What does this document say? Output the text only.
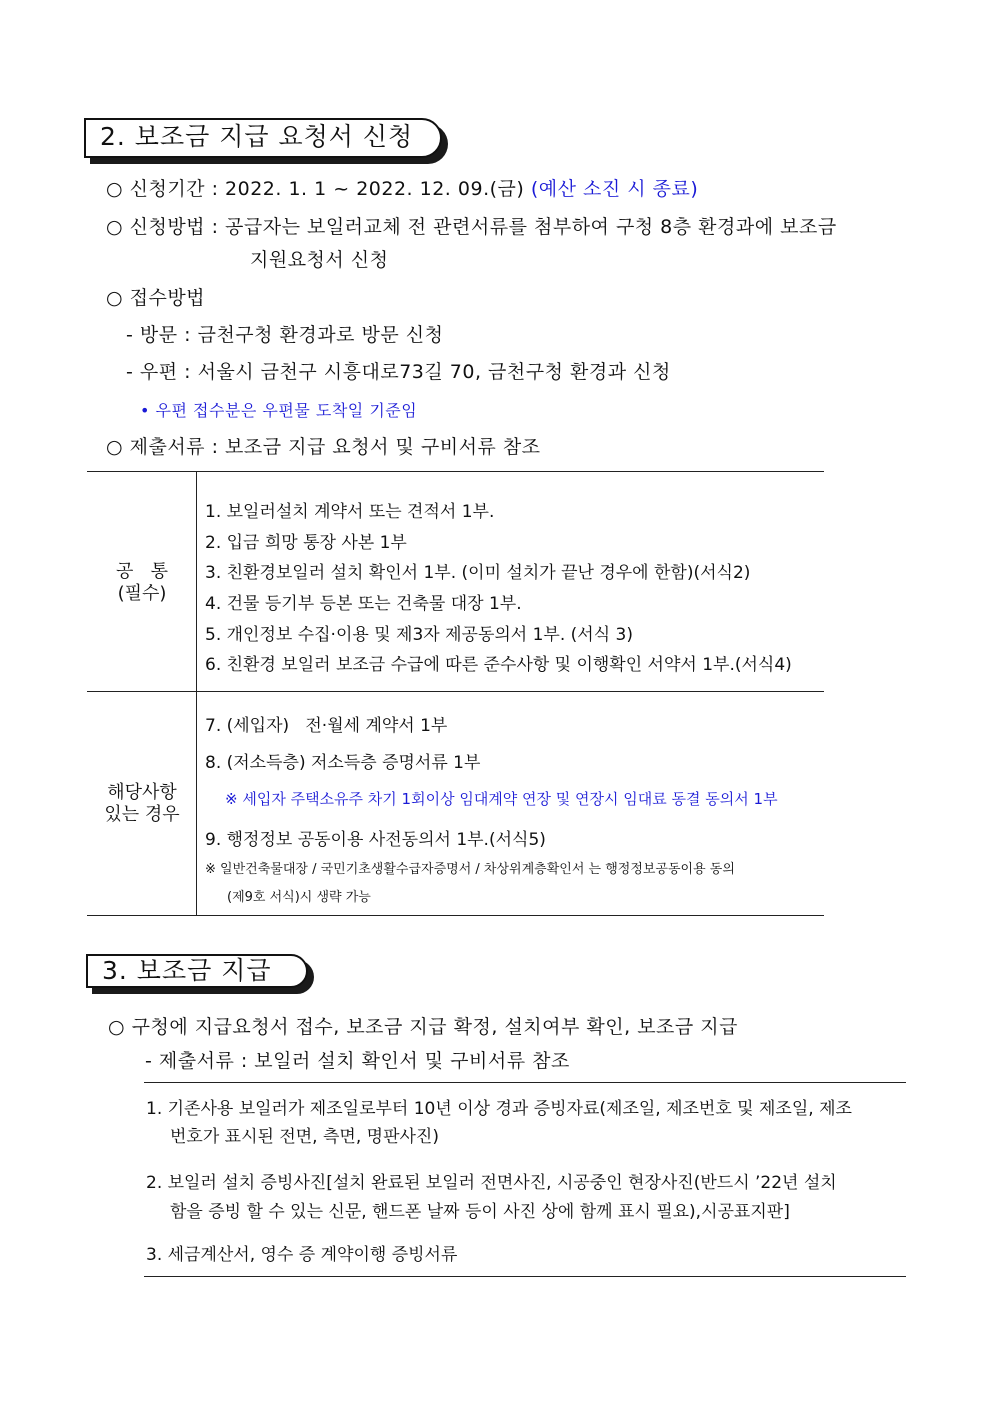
2. 보조금 지급 요청서 신청
○ 신청기간 : 2022. 1. 1 ~ 2022. 12. 09.(금) (예산 소진 시 종료)
○ 신청방법 : 공급자는 보일러교체 전 관련서류를 첨부하여 구청 8층 환경과에 보조금
지원요청서 신청
○ 접수방법
- 방문 : 금천구청 환경과로 방문 신청
- 우편 : 서울시 금천구 시흥대로73길 70, 금천구청 환경과 신청
• 우편 접수분은 우편물 도착일 기준임
○ 제출서류 : 보조금 지급 요청서 및 구비서류 참조
공   통
(필수)
1. 보일러설치 계약서 또는 견적서 1부.
2. 입금 희망 통장 사본 1부
3. 친환경보일러 설치 확인서 1부. (이미 설치가 끝난 경우에 한함)(서식2)
4. 건물 등기부 등본 또는 건축물 대장 1부.
5. 개인정보 수집·이용 및 제3자 제공동의서 1부. (서식 3)
6. 친환경 보일러 보조금 수급에 따른 준수사항 및 이행확인 서약서 1부.(서식4)
해당사항
있는 경우
7. (세입자)   전·월세 계약서 1부
8. (저소득층) 저소득층 증명서류 1부
※ 세입자 주택소유주 차기 1회이상 임대계약 연장 및 연장시 임대료 동결 동의서 1부
9. 행정정보 공동이용 사전동의서 1부.(서식5)
※ 일반건축물대장 / 국민기초생활수급자증명서 / 차상위계층확인서 는 행정정보공동이용 동의
(제9호 서식)시 생략 가능
3. 보조금 지급
○ 구청에 지급요청서 접수, 보조금 지급 확정, 설치여부 확인, 보조금 지급
- 제출서류 : 보일러 설치 확인서 및 구비서류 참조
1. 기존사용 보일러가 제조일로부터 10년 이상 경과 증빙자료(제조일, 제조번호 및 제조일, 제조
번호가 표시된 전면, 측면, 명판사진)
2. 보일러 설치 증빙사진[설치 완료된 보일러 전면사진, 시공중인 현장사진(반드시 ’22년 설치
함을 증빙 할 수 있는 신문, 핸드폰 날짜 등이 사진 상에 함께 표시 필요),시공표지판]
3. 세금계산서, 영수 증 계약이행 증빙서류
